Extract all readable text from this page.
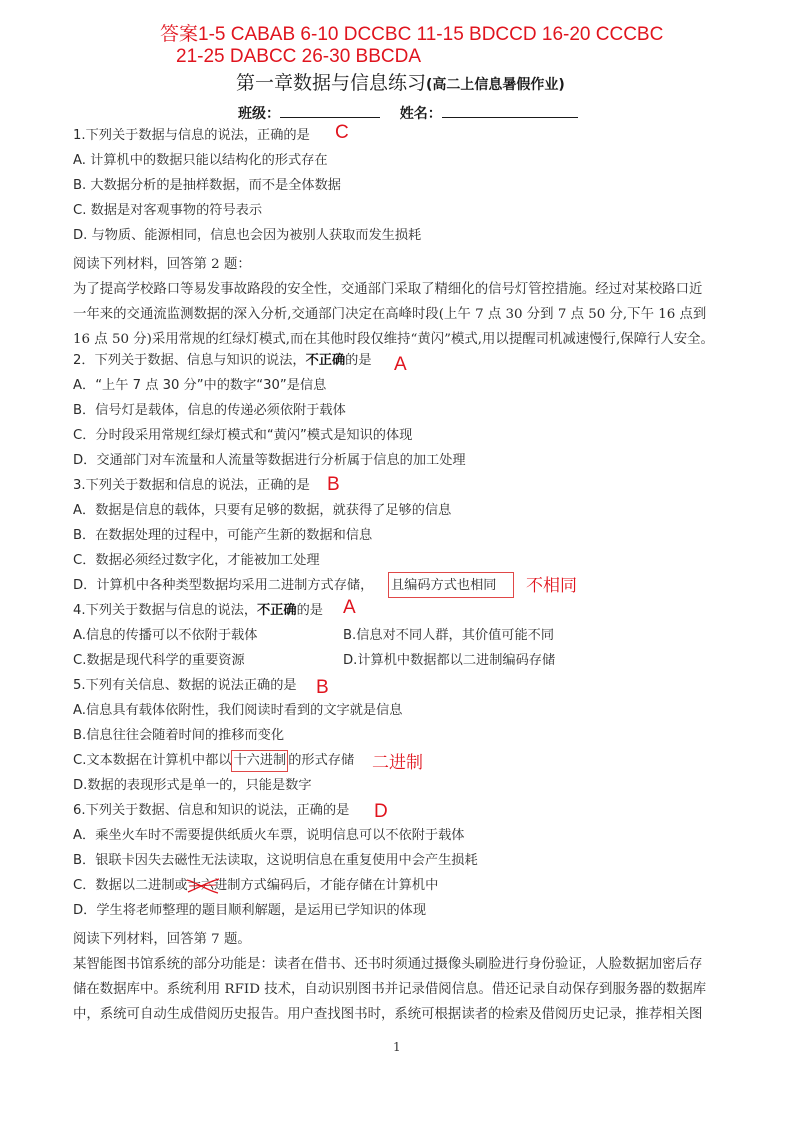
答案1-5 CABAB 6-10 DCCBC 11-15 BDCCD 16-20 CCCBC
21-25 DABCC 26-30 BBCDA
第一章数据与信息练习(高二上信息暑假作业)
班级：	姓名：
1.下列关于数据与信息的说法，正确的是 C
A. 计算机中的数据只能以结构化的形式存在
B. 大数据分析的是抽样数据，而不是全体数据
C. 数据是对客观事物的符号表示
D. 与物质、能源相同，信息也会因为被别人获取而发生损耗
阅读下列材料，回答第 2 题：
为了提高学校路口等易发事故路段的安全性，交通部门采取了精细化的信号灯管控措施。经过对某校路口近
一年来的交通流监测数据的深入分析,交通部门决定在高峰时段(上午 7 点 30 分到 7 点 50 分,下午 16 点到
16 点 50 分)采用常规的红绿灯模式,而在其他时段仅维持“黄闪”模式,用以提醒司机减速慢行,保障行人安全。
2．下列关于数据、信息与知识的说法，不正确的是 A
A．“上午 7 点 30 分”中的数字“30”是信息
B．信号灯是载体，信息的传递必须依附于载体
C．分时段采用常规红绿灯模式和“黄闪”模式是知识的体现
D．交通部门对车流量和人流量等数据进行分析属于信息的加工处理
3.下列关于数据和信息的说法，正确的是 B
A．数据是信息的载体，只要有足够的数据，就获得了足够的信息
B．在数据处理的过程中，可能产生新的数据和信息
C．数据必须经过数字化，才能被加工处理
D．计算机中各种类型数据均采用二进制方式存储， 且编码方式也相同 不相同
4.下列关于数据与信息的说法，不正确的是 A
A.信息的传播可以不依附于载体	B.信息对不同人群，其价值可能不同
C.数据是现代科学的重要资源	D.计算机中数据都以二进制编码存储
5.下列有关信息、数据的说法正确的是 B
A.信息具有载体依附性，我们阅读时看到的文字就是信息
B.信息往往会随着时间的推移而变化
C.文本数据在计算机中都以 十六进制 的形式存储 二进制
D.数据的表现形式是单一的，只能是数字
6.下列关于数据、信息和知识的说法，正确的是 D
A．乘坐火车时不需要提供纸质火车票，说明信息可以不依附于载体
B．银联卡因失去磁性无法读取，这说明信息在重复使用中会产生损耗
C．数据以二进制或十六
进制方式编码后，才能存储在计算机中
D．学生将老师整理的题目顺利解题，是运用已学知识的体现
阅读下列材料，回答第 7 题。
某智能图书馆系统的部分功能是：读者在借书、还书时须通过摄像头刷脸进行身份验证，人脸数据加密后存
储在数据库中。系统利用 RFID 技术，自动识别图书并记录借阅信息。借还记录自动保存到服务器的数据库
中，系统可自动生成借阅历史报告。用户查找图书时，系统可根据读者的检索及借阅历史记录，推荐相关图
1
